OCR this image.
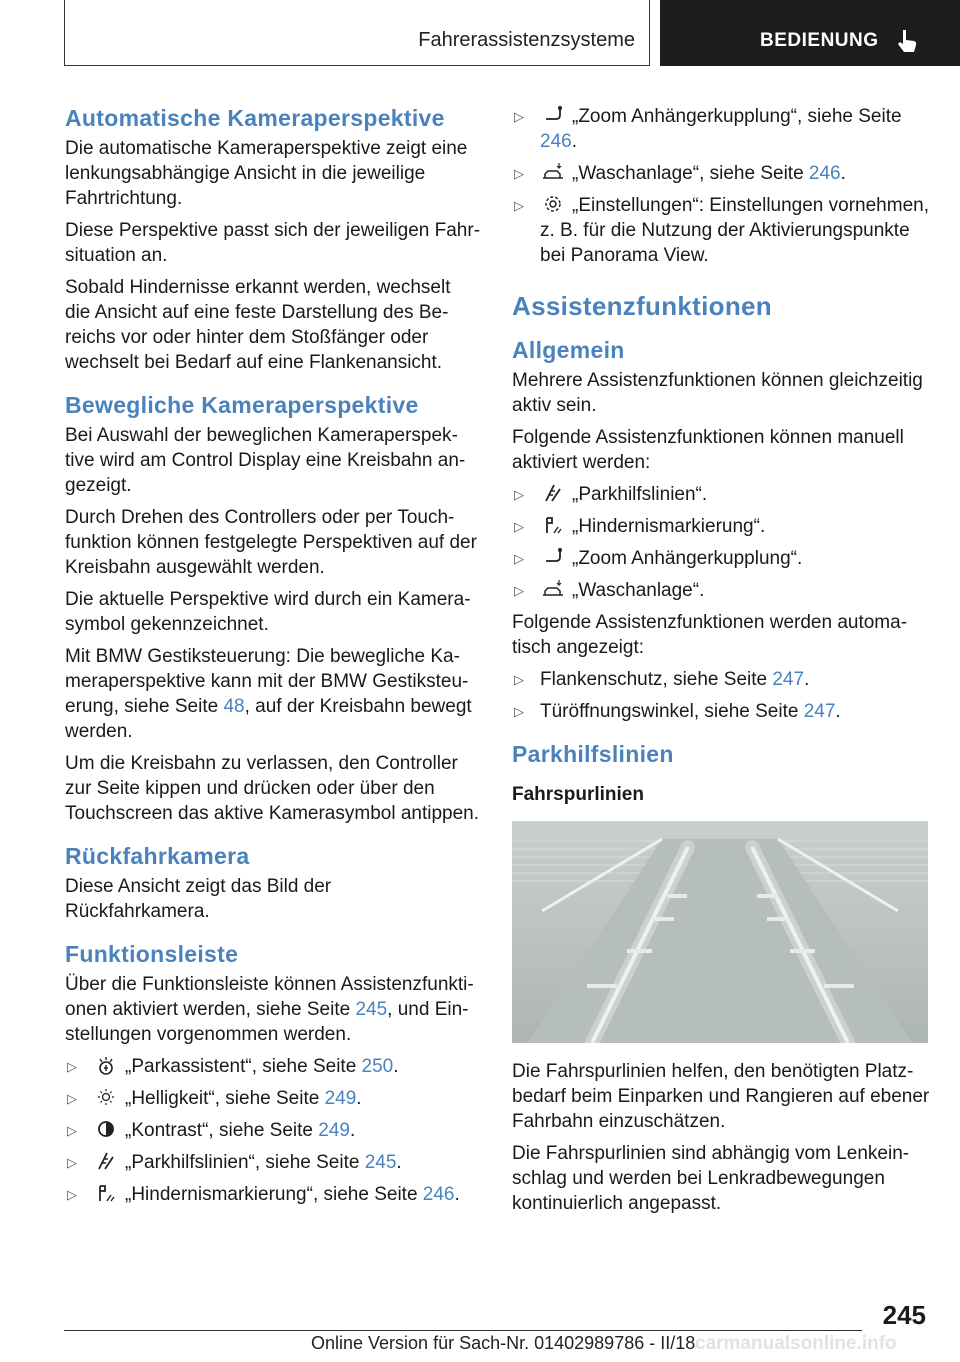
Fahrerassistenzsysteme	BEDIENUNG
Automatische Kameraperspektive

Die automatische Kameraperspektive zeigt eine lenkungsabhängige Ansicht in die jeweilige Fahrtrichtung.

Diese Perspektive passt sich der jeweiligen Fahrsituation an.

Sobald Hindernisse erkannt werden, wechselt die Ansicht auf eine feste Darstellung des Bereichs vor oder hinter dem Stoßfänger oder wechselt bei Bedarf auf eine Flankenansicht.

Bewegliche Kameraperspektive

Bei Auswahl der beweglichen Kameraperspektive wird am Control Display eine Kreisbahn angezeigt.

Durch Drehen des Controllers oder per Touchfunktion können festgelegte Perspektiven auf der Kreisbahn ausgewählt werden.

Die aktuelle Perspektive wird durch ein Kamerasymbol gekennzeichnet.

Mit BMW Gestiksteuerung: Die bewegliche Kameraperspektive kann mit der BMW Gestiksteuerung, siehe Seite 48, auf der Kreisbahn bewegt werden.

Um die Kreisbahn zu verlassen, den Controller zur Seite kippen und drücken oder über den Touchscreen das aktive Kamerasymbol antippen.

Rückfahrkamera

Diese Ansicht zeigt das Bild der Rückfahrkamera.

Funktionsleiste

Über die Funktionsleiste können Assistenzfunktionen aktiviert werden, siehe Seite 245, und Einstellungen vorgenommen werden.

▷	„Parkassistent“, siehe Seite 250.
▷	„Helligkeit“, siehe Seite 249.
▷	„Kontrast“, siehe Seite 249.
▷	„Parkhilfslinien“, siehe Seite 245.
▷	„Hindernismarkierung“, siehe Seite 246.
▷	„Zoom Anhängerkupplung“, siehe Seite 246.
▷	„Waschanlage“, siehe Seite 246.
▷	„Einstellungen“: Einstellungen vornehmen, z. B. für die Nutzung der Aktivierungspunkte bei Panorama View.
Assistenzfunktionen
Allgemein

Mehrere Assistenzfunktionen können gleichzeitig aktiv sein.

Folgende Assistenzfunktionen können manuell aktiviert werden:

▷	„Parkhilfslinien“.
▷	„Hindernismarkierung“.
▷	„Zoom Anhängerkupplung“.
▷	„Waschanlage“.

Folgende Assistenzfunktionen werden automatisch angezeigt:

▷ Flankenschutz, siehe Seite 247.
▷ Türöffnungswinkel, siehe Seite 247.
Parkhilfslinien
Fahrspurlinien

Die Fahrspurlinien helfen, den benötigten Platzbedarf beim Einparken und Rangieren auf ebener Fahrbahn einzuschätzen.

Die Fahrspurlinien sind abhängig vom Lenkeinschlag und werden bei Lenkradbewegungen kontinuierlich angepasst.

245
Online Version für Sach-Nr. 01402989786 - II/18 carmanualsonline.info
